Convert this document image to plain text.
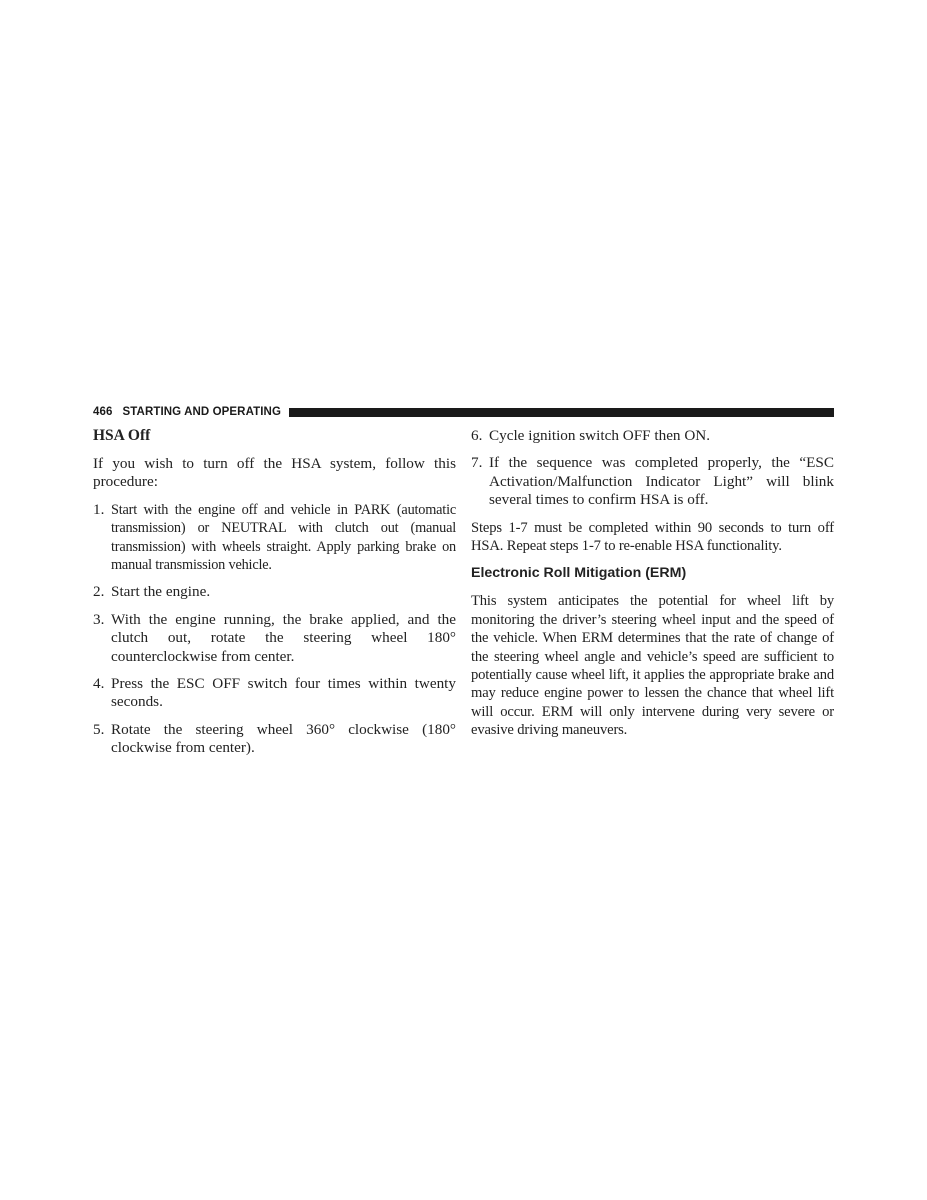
466 STARTING AND OPERATING
HSA Off

If you wish to turn off the HSA system, follow this procedure:

1. Start with the engine off and vehicle in PARK (automatic transmission) or NEUTRAL with clutch out (manual transmission) with wheels straight. Apply parking brake on manual transmission vehicle.
2. Start the engine.
3. With the engine running, the brake applied, and the clutch out, rotate the steering wheel 180° counterclockwise from center.
4. Press the ESC OFF switch four times within twenty seconds.
5. Rotate the steering wheel 360° clockwise (180° clockwise from center).
6. Cycle ignition switch OFF then ON.
7. If the sequence was completed properly, the “ESC Activation/Malfunction Indicator Light” will blink several times to confirm HSA is off.

Steps 1-7 must be completed within 90 seconds to turn off HSA. Repeat steps 1-7 to re-enable HSA functionality.

Electronic Roll Mitigation (ERM)

This system anticipates the potential for wheel lift by monitoring the driver’s steering wheel input and the speed of the vehicle. When ERM determines that the rate of change of the steering wheel angle and vehicle’s speed are sufficient to potentially cause wheel lift, it applies the appropriate brake and may reduce engine power to lessen the chance that wheel lift will occur. ERM will only intervene during very severe or evasive driving maneuvers.
